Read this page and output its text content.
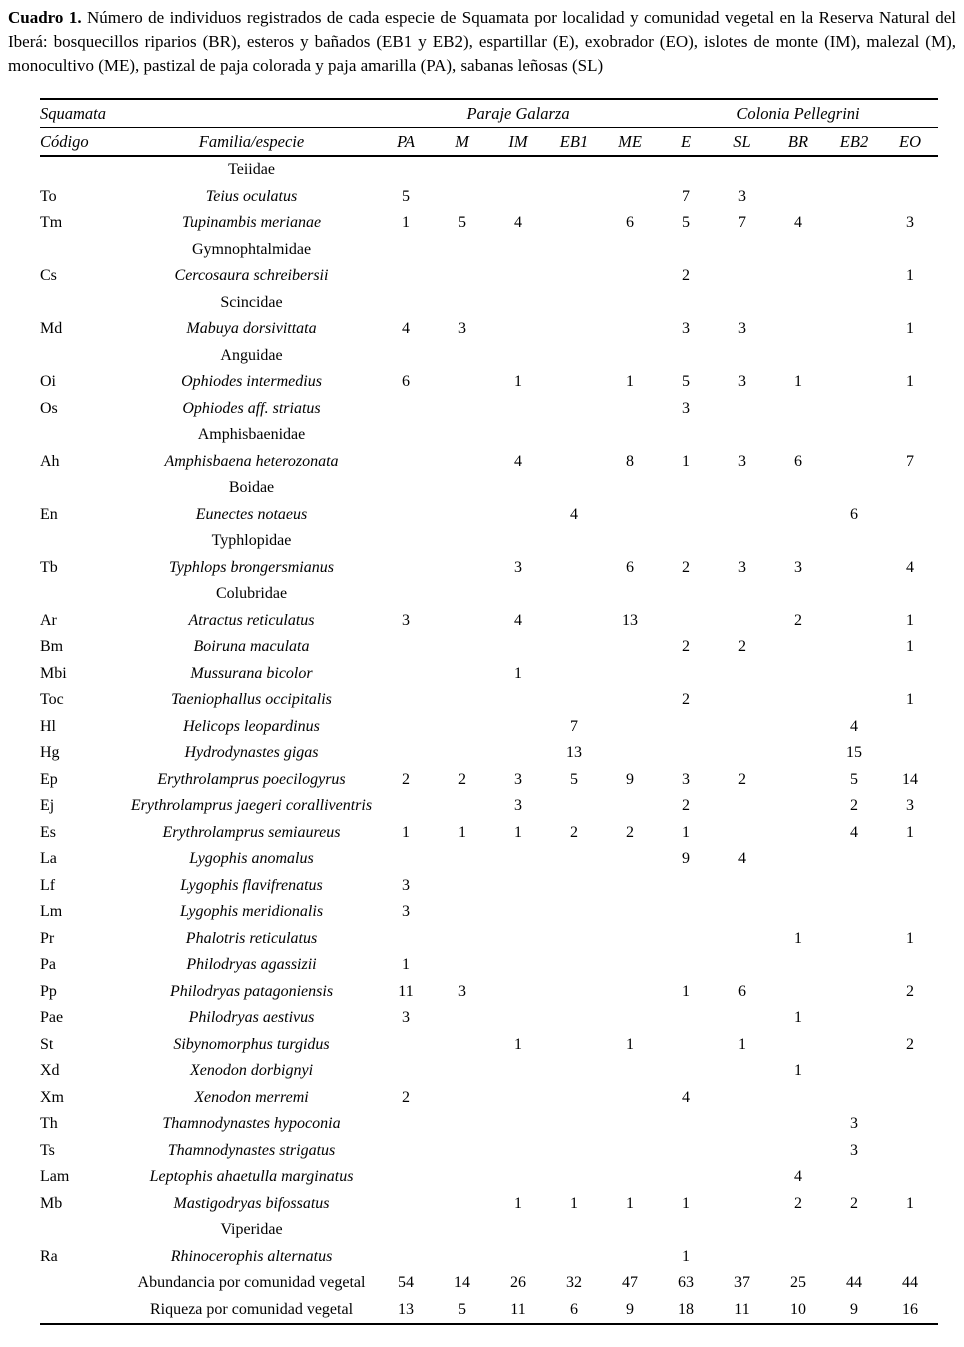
Cuadro 1. Número de individuos registrados de cada especie de Squamata por localidad y comunidad vegetal en la Reserva Natural del Iberá: bosquecillos riparios (BR), esteros y bañados (EB1 y EB2), espartillar (E), exobrador (EO), islotes de monte (IM), malezal (M), monocultivo (ME), pastizal de paja colorada y paja amarilla (PA), sabanas leñosas (SL)

Squamata		Paraje Galarza					Colonia Pellegrini				
Código	Familia/especie	PA	M	IM	EB1	ME	E	SL	BR	EB2	EO
	Teiidae										
To	Teius oculatus	5					7	3			
Tm	Tupinambis merianae	1	5	4		6	5	7	4		3
	Gymnophtalmidae										
Cs	Cercosaura schreibersii						2				1
	Scincidae										
Md	Mabuya dorsivittata	4	3				3	3			1
	Anguidae										
Oi	Ophiodes intermedius	6		1		1	5	3	1		1
Os	Ophiodes aff. striatus						3				
	Amphisbaenidae										
Ah	Amphisbaena heterozonata			4		8	1	3	6		7
	Boidae										
En	Eunectes notaeus				4					6	
	Typhlopidae										
Tb	Typhlops brongersmianus			3		6	2	3	3		4
	Colubridae										
Ar	Atractus reticulatus	3		4		13			2		1
Bm	Boiruna maculata						2	2			1
Mbi	Mussurana bicolor			1							
Toc	Taeniophallus occipitalis						2				1
Hl	Helicops leopardinus				7					4	
Hg	Hydrodynastes gigas				13					15	
Ep	Erythrolamprus poecilogyrus	2	2	3	5	9	3	2		5	14
Ej	Erythrolamprus jaegeri coralliventris			3			2			2	3
Es	Erythrolamprus semiaureus	1	1	1	2	2	1			4	1
La	Lygophis anomalus						9	4			
Lf	Lygophis flavifrenatus	3									
Lm	Lygophis meridionalis	3									
Pr	Phalotris reticulatus								1		1
Pa	Philodryas agassizii	1									
Pp	Philodryas patagoniensis	11	3				1	6			2
Pae	Philodryas aestivus	3							1		
St	Sibynomorphus turgidus			1		1		1			2
Xd	Xenodon dorbignyi								1		
Xm	Xenodon merremi	2					4				
Th	Thamnodynastes hypoconia									3	
Ts	Thamnodynastes strigatus									3	
Lam	Leptophis ahaetulla marginatus								4		
Mb	Mastigodryas bifossatus			1	1	1	1		2	2	1
	Viperidae										
Ra	Rhinocerophis alternatus						1				
	Abundancia por comunidad vegetal	54	14	26	32	47	63	37	25	44	44
	Riqueza por comunidad vegetal	13	5	11	6	9	18	11	10	9	16
